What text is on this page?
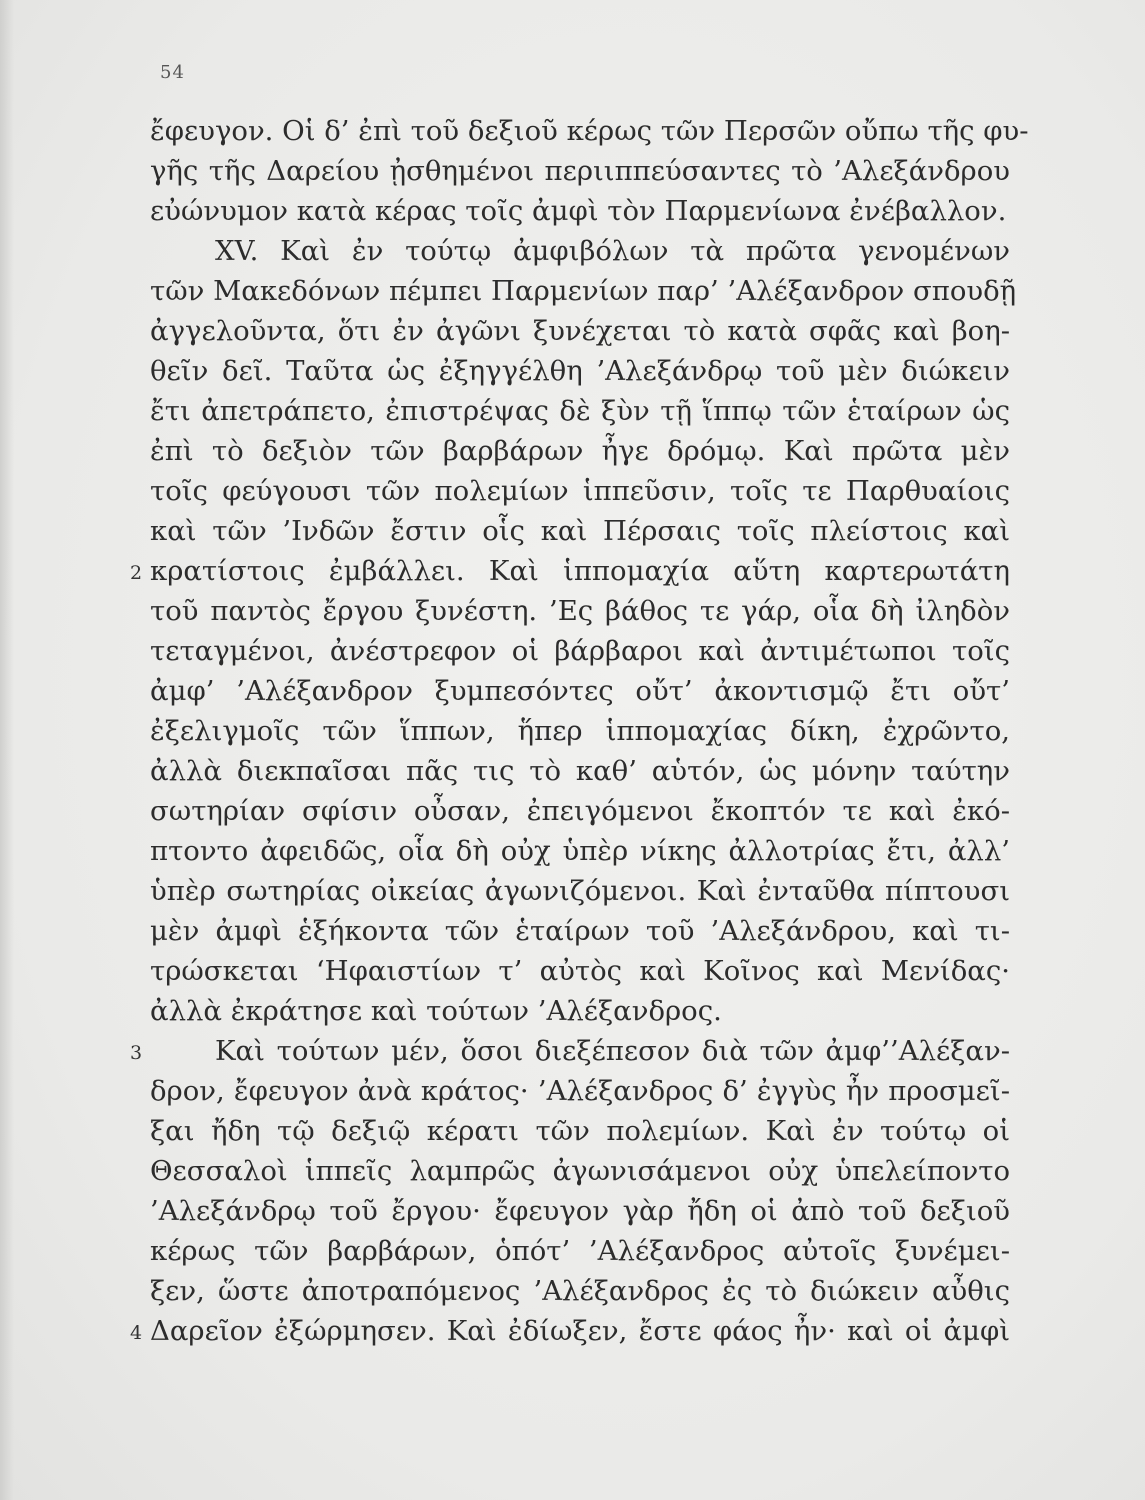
54
ἔφευγον. Οἱ δ’ ἐπὶ τοῦ δεξιοῦ κέρως τῶν Περσῶν οὔπω τῆς φυ-
γῆς τῆς Δαρείου ᾐσθημένοι περιιππεύσαντες τὸ ’Αλεξάνδρου
εὐώνυμον κατὰ κέρας τοῖς ἀμφὶ τὸν Παρμενίωνα ἐνέβαλλον.
XV. Καὶ ἐν τούτῳ ἀμφιβόλων τὰ πρῶτα γενομένων
τῶν Μακεδόνων πέμπει Παρμενίων παρ’ ’Αλέξανδρον σπουδῇ
ἀγγελοῦντα, ὅτι ἐν ἀγῶνι ξυνέχεται τὸ κατὰ σφᾶς καὶ βοη-
θεῖν δεῖ. Ταῦτα ὡς ἐξηγγέλθη ’Αλεξάνδρῳ τοῦ μὲν διώκειν
ἔτι ἀπετράπετο, ἐπιστρέψας δὲ ξὺν τῇ ἵππῳ τῶν ἑταίρων ὡς
ἐπὶ τὸ δεξιὸν τῶν βαρβάρων ἦγε δρόμῳ. Καὶ πρῶτα μὲν
τοῖς φεύγουσι τῶν πολεμίων ἱππεῦσιν, τοῖς τε Παρθυαίοις
καὶ τῶν ’Ινδῶν ἔστιν οἷς καὶ Πέρσαις τοῖς πλείστοις καὶ
2 κρατίστοις ἐμβάλλει. Καὶ ἱππομαχία αὕτη καρτερωτάτη
τοῦ παντὸς ἔργου ξυνέστη. ’Ες βάθος τε γάρ, οἷα δὴ ἰληδὸν
τεταγμένοι, ἀνέστρεφον οἱ βάρβαροι καὶ ἀντιμέτωποι τοῖς
ἀμφ’ ’Αλέξανδρον ξυμπεσόντες οὔτ’ ἀκοντισμῷ ἔτι οὔτ’
ἐξελιγμοῖς τῶν ἵππων, ἥπερ ἱππομαχίας δίκη, ἐχρῶντο,
ἀλλὰ διεκπαῖσαι πᾶς τις τὸ καθ’ αὑτόν, ὡς μόνην ταύτην
σωτηρίαν σφίσιν οὖσαν, ἐπειγόμενοι ἔκοπτόν τε καὶ ἐκό-
πτοντο ἀφειδῶς, οἷα δὴ οὐχ ὑπὲρ νίκης ἀλλοτρίας ἔτι, ἀλλ’
ὑπὲρ σωτηρίας οἰκείας ἀγωνιζόμενοι. Καὶ ἐνταῦθα πίπτουσι
μὲν ἀμφὶ ἑξήκοντα τῶν ἑταίρων τοῦ ’Αλεξάνδρου, καὶ τι-
τρώσκεται ‘Ηφαιστίων τ’ αὐτὸς καὶ Κοῖνος καὶ Μενίδας·
ἀλλὰ ἐκράτησε καὶ τούτων ’Αλέξανδρος.
3	Καὶ τούτων μέν, ὅσοι διεξέπεσον διὰ τῶν ἀμφ’’Αλέξαν-
δρον, ἔφευγον ἀνὰ κράτος· ’Αλέξανδρος δ’ ἐγγὺς ἦν προσμεῖ-
ξαι ἤδη τῷ δεξιῷ κέρατι τῶν πολεμίων. Καὶ ἐν τούτῳ οἱ
Θεσσαλοὶ ἱππεῖς λαμπρῶς ἀγωνισάμενοι οὐχ ὑπελείποντο
’Αλεξάνδρῳ τοῦ ἔργου· ἔφευγον γὰρ ἤδη οἱ ἀπὸ τοῦ δεξιοῦ
κέρως τῶν βαρβάρων, ὁπότ’ ’Αλέξανδρος αὐτοῖς ξυνέμει-
ξεν, ὥστε ἀποτραπόμενος ’Αλέξανδρος ἐς τὸ διώκειν αὖθις
4 Δαρεῖον ἐξώρμησεν. Καὶ ἐδίωξεν, ἔστε φάος ἦν· καὶ οἱ ἀμφὶ
